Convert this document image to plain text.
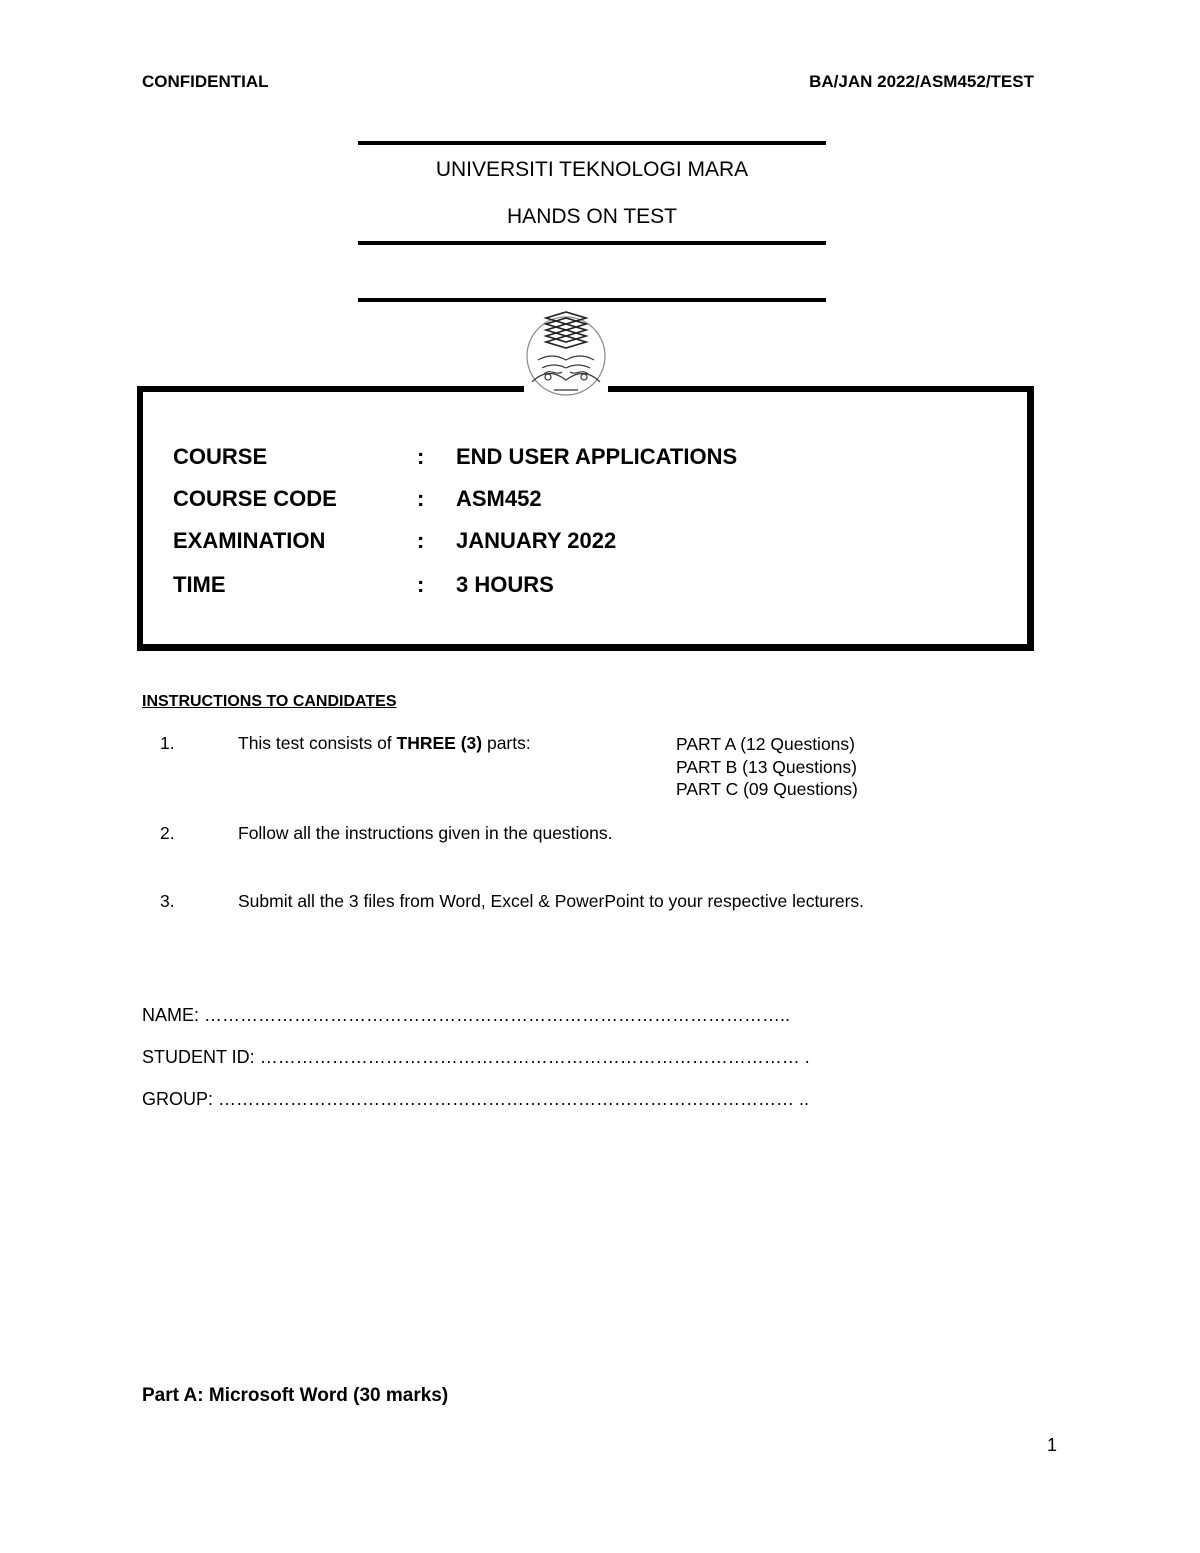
CONFIDENTIAL	BA/JAN 2022/ASM452/TEST
UNIVERSITI TEKNOLOGI MARA
HANDS ON TEST
COURSE	: END USER APPLICATIONS
COURSE CODE	: ASM452
EXAMINATION	: JANUARY 2022
TIME	: 3 HOURS
INSTRUCTIONS TO CANDIDATES
1.	This test consists of THREE (3) parts:	PART A (12 Questions)
PART B (13 Questions)
PART C (09 Questions)
2.	Follow all the instructions given in the questions.
3.	Submit all the 3 files from Word, Excel & PowerPoint to your respective lecturers.
NAME: ……………………………………………………………………………………..
STUDENT ID: ……………………………………………………………………………… .
GROUP: …………………………………………………………………………………… ..
Part A: Microsoft Word (30 marks)
1
